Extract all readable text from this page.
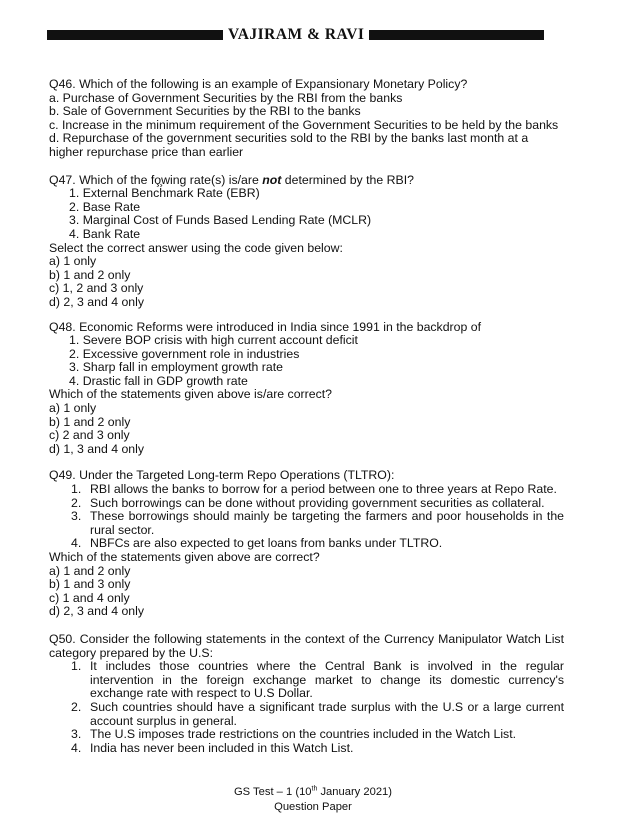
VAJIRAM & RAVI

Q46. Which of the following is an example of Expansionary Monetary Policy?

a. Purchase of Government Securities by the RBI from the banks

b. Sale of Government Securities by the RBI to the banks

c. Increase in the minimum requirement of the Government Securities to be held by the banks

d. Repurchase of the government securities sold to the RBI by the banks last month at a higher repurchase price than earlier

Q47. Which of the fo̧̧wing rate(s) is/are not determined by the RBI?

1. External Benchmark Rate (EBR)
2. Base Rate
3. Marginal Cost of Funds Based Lending Rate (MCLR)
4. Bank Rate

Select the correct answer using the code given below:

a) 1 only

b) 1 and 2 only

c) 1, 2 and 3 only

d) 2, 3 and 4 only

Q48. Economic Reforms were introduced in India since 1991 in the backdrop of

1. Severe BOP crisis with high current account deficit
2. Excessive government role in industries
3. Sharp fall in employment growth rate
4. Drastic fall in GDP growth rate

Which of the statements given above is/are correct?

a) 1 only

b) 1 and 2 only

c) 2 and 3 only

d) 1, 3 and 4 only

Q49. Under the Targeted Long-term Repo Operations (TLTRO):

1. RBI allows the banks to borrow for a period between one to three years at Repo Rate.
2. Such borrowings can be done without providing government securities as collateral.
3. These borrowings should mainly be targeting the farmers and poor households in the rural sector.
4. NBFCs are also expected to get loans from banks under TLTRO.

Which of the statements given above are correct?

a) 1 and 2 only

b) 1 and 3 only

c) 1 and 4 only

d) 2, 3 and 4 only

Q50. Consider the following statements in the context of the Currency Manipulator Watch List category prepared by the U.S:

1. It includes those countries where the Central Bank is involved in the regular intervention in the foreign exchange market to change its domestic currency's exchange rate with respect to U.S Dollar.
2. Such countries should have a significant trade surplus with the U.S or a large current account surplus in general.
3. The U.S imposes trade restrictions on the countries included in the Watch List.
4. India has never been included in this Watch List.
GS Test – 1 (10th January 2021)
Question Paper
